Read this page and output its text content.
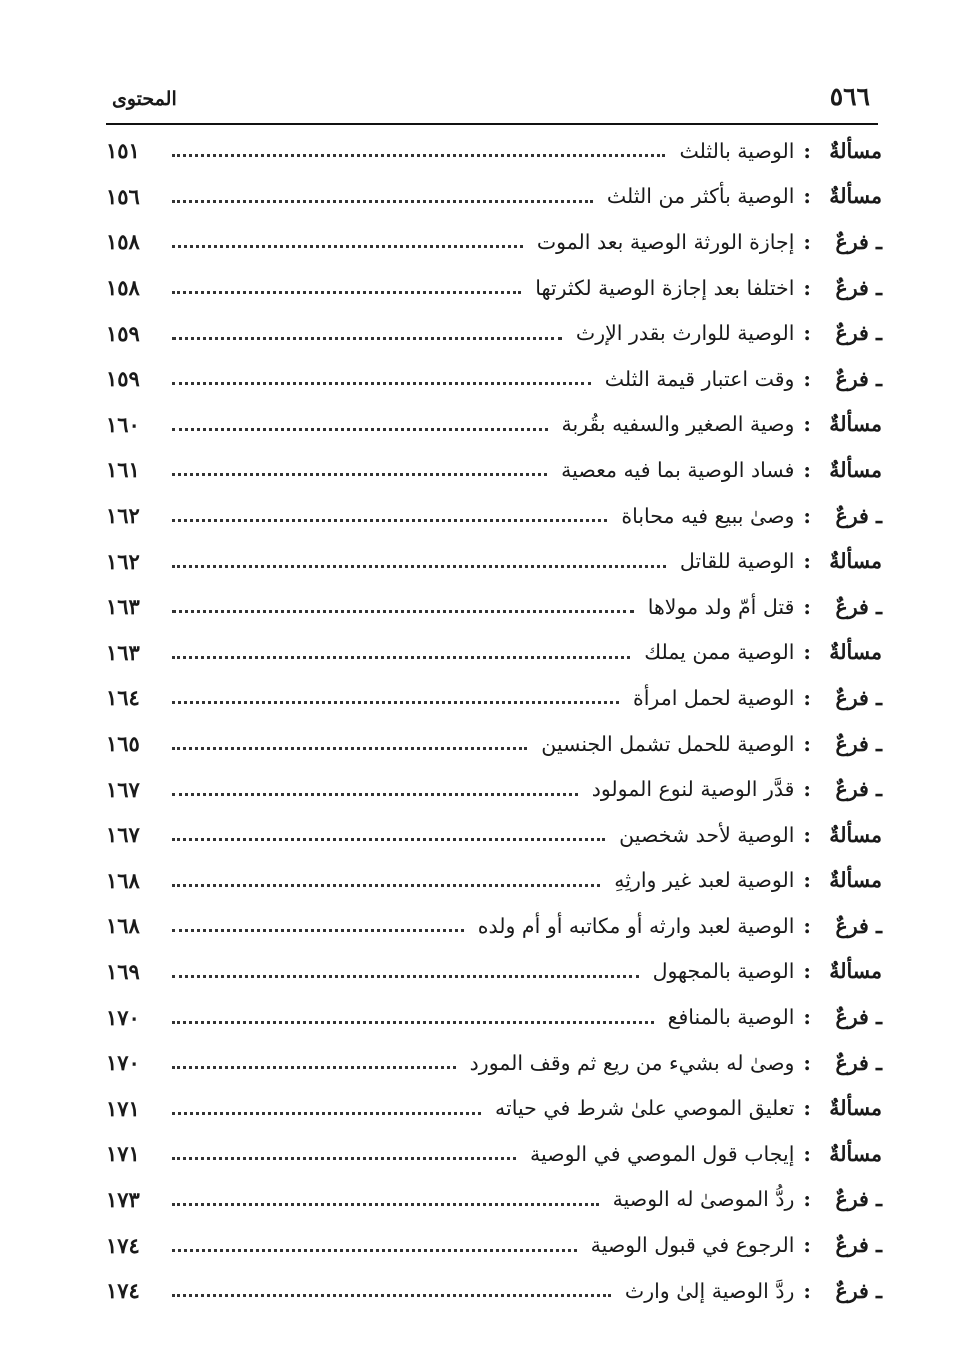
٥٦٦
المحتوى
مسألةٌ
:
الوصية بالثلث
١٥١
مسألةٌ
:
الوصية بأكثر من الثلث
١٥٦
ـ فرعٌ
:
إجازة الورثة الوصية بعد الموت
١٥٨
ـ فرعٌ
:
اختلفا بعد إجازة الوصية لكثرتها
١٥٨
ـ فرعٌ
:
الوصية للوارث بقدر الإرث
١٥٩
ـ فرعٌ
:
وقت اعتبار قيمة الثلث
١٥٩
مسألةٌ
:
وصية الصغير والسفيه بقُربة
١٦٠
مسألةٌ
:
فساد الوصية بما فيه معصية
١٦١
ـ فرعٌ
:
وصىٰ ببيع فيه محاباة
١٦٢
مسألةٌ
:
الوصية للقاتل
١٦٢
ـ فرعٌ
:
قتل أمّ ولد مولاها
١٦٣
مسألةٌ
:
الوصية ممن يملك
١٦٣
ـ فرعٌ
:
الوصية لحمل امرأة
١٦٤
ـ فرعٌ
:
الوصية للحمل تشمل الجنسين
١٦٥
ـ فرعٌ
:
قدَّر الوصية لنوع المولود
١٦٧
مسألةٌ
:
الوصية لأحد شخصين
١٦٧
مسألةٌ
:
الوصية لعبد غير وارثِهِ
١٦٨
ـ فرعٌ
:
الوصية لعبد وارثه أو مكاتبه أو أم ولده
١٦٨
مسألةٌ
:
الوصية بالمجهول
١٦٩
ـ فرعٌ
:
الوصية بالمنافع
١٧٠
ـ فرعٌ
:
وصىٰ له بشيء من ريع ثم وقف المورد
١٧٠
مسألةٌ
:
تعليق الموصي علىٰ شرط في حياته
١٧١
مسألةٌ
:
إيجاب قول الموصي في الوصية
١٧١
ـ فرعٌ
:
ردُّ الموصىٰ له الوصية
١٧٣
ـ فرعٌ
:
الرجوع في قبول الوصية
١٧٤
ـ فرعٌ
:
ردَّ الوصية إلىٰ وارث
١٧٤
